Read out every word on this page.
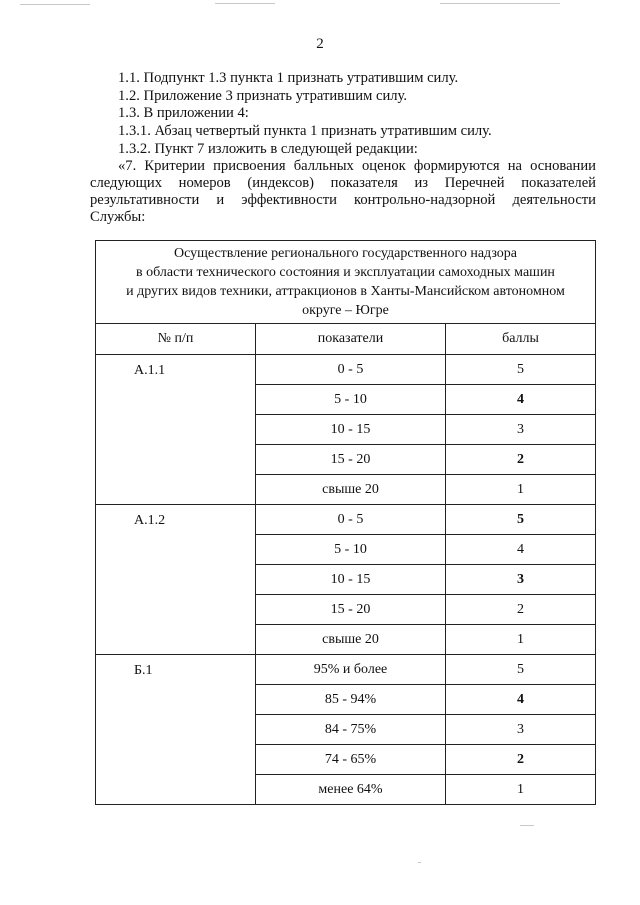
2

1.1. Подпункт 1.3 пункта 1 признать утратившим силу.

1.2. Приложение 3 признать утратившим силу.

1.3. В приложении 4:

1.3.1. Абзац четвертый пункта 1 признать утратившим силу.

1.3.2. Пункт 7 изложить в следующей редакции:

«7. Критерии присвоения балльных оценок формируются на основании следующих номеров (индексов) показателя из Перечней показателей результативности и эффективности контрольно-надзорной деятельности Службы:

Осуществление регионального государственного надзора
в области технического состояния и эксплуатации самоходных машин
и других видов техники, аттракционов в Ханты-Мансийском автономном
округе – Югре		

№ п/п	показатели	баллы
А.1.1	0 - 5	5
	5 - 10	4
	10 - 15	3
	15 - 20	2
	свыше 20	1
А.1.2	0 - 5	5
	5 - 10	4
	10 - 15	3
	15 - 20	2
	свыше 20	1
Б.1	95% и более	5
	85 - 94%	4
	84 - 75%	3
	74 - 65%	2
	менее 64%	1
